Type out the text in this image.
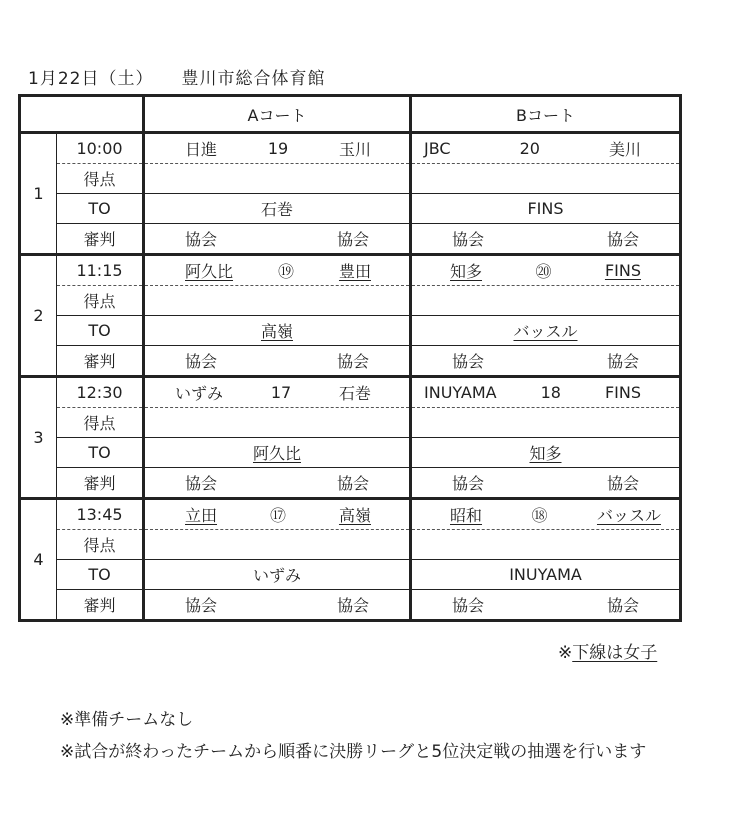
1月22日（土） 豊川市総合体育館
		Aコート	Bコート
1	10:00	日進 19 玉川	JBC 20 美川

	得点		
	TO	石巻	FINS
	審判	協会 協会	協会 協会

2	11:15	阿久比 ⑲ 豊田	知多 ⑳ FINS

	得点		
	TO	高嶺	バッスル
	審判	協会 協会	協会 協会

3	12:30	いずみ 17 石巻	INUYAMA 18 FINS

	得点		
	TO	阿久比	知多
	審判	協会 協会	協会 協会

4	13:45	立田 ⑰ 高嶺	昭和 ⑱ バッスル

	得点		
	TO	いずみ	INUYAMA
	審判	協会 協会	協会 協会
※下線は女子
※準備チームなし
※試合が終わったチームから順番に決勝リーグと5位決定戦の抽選を行います
